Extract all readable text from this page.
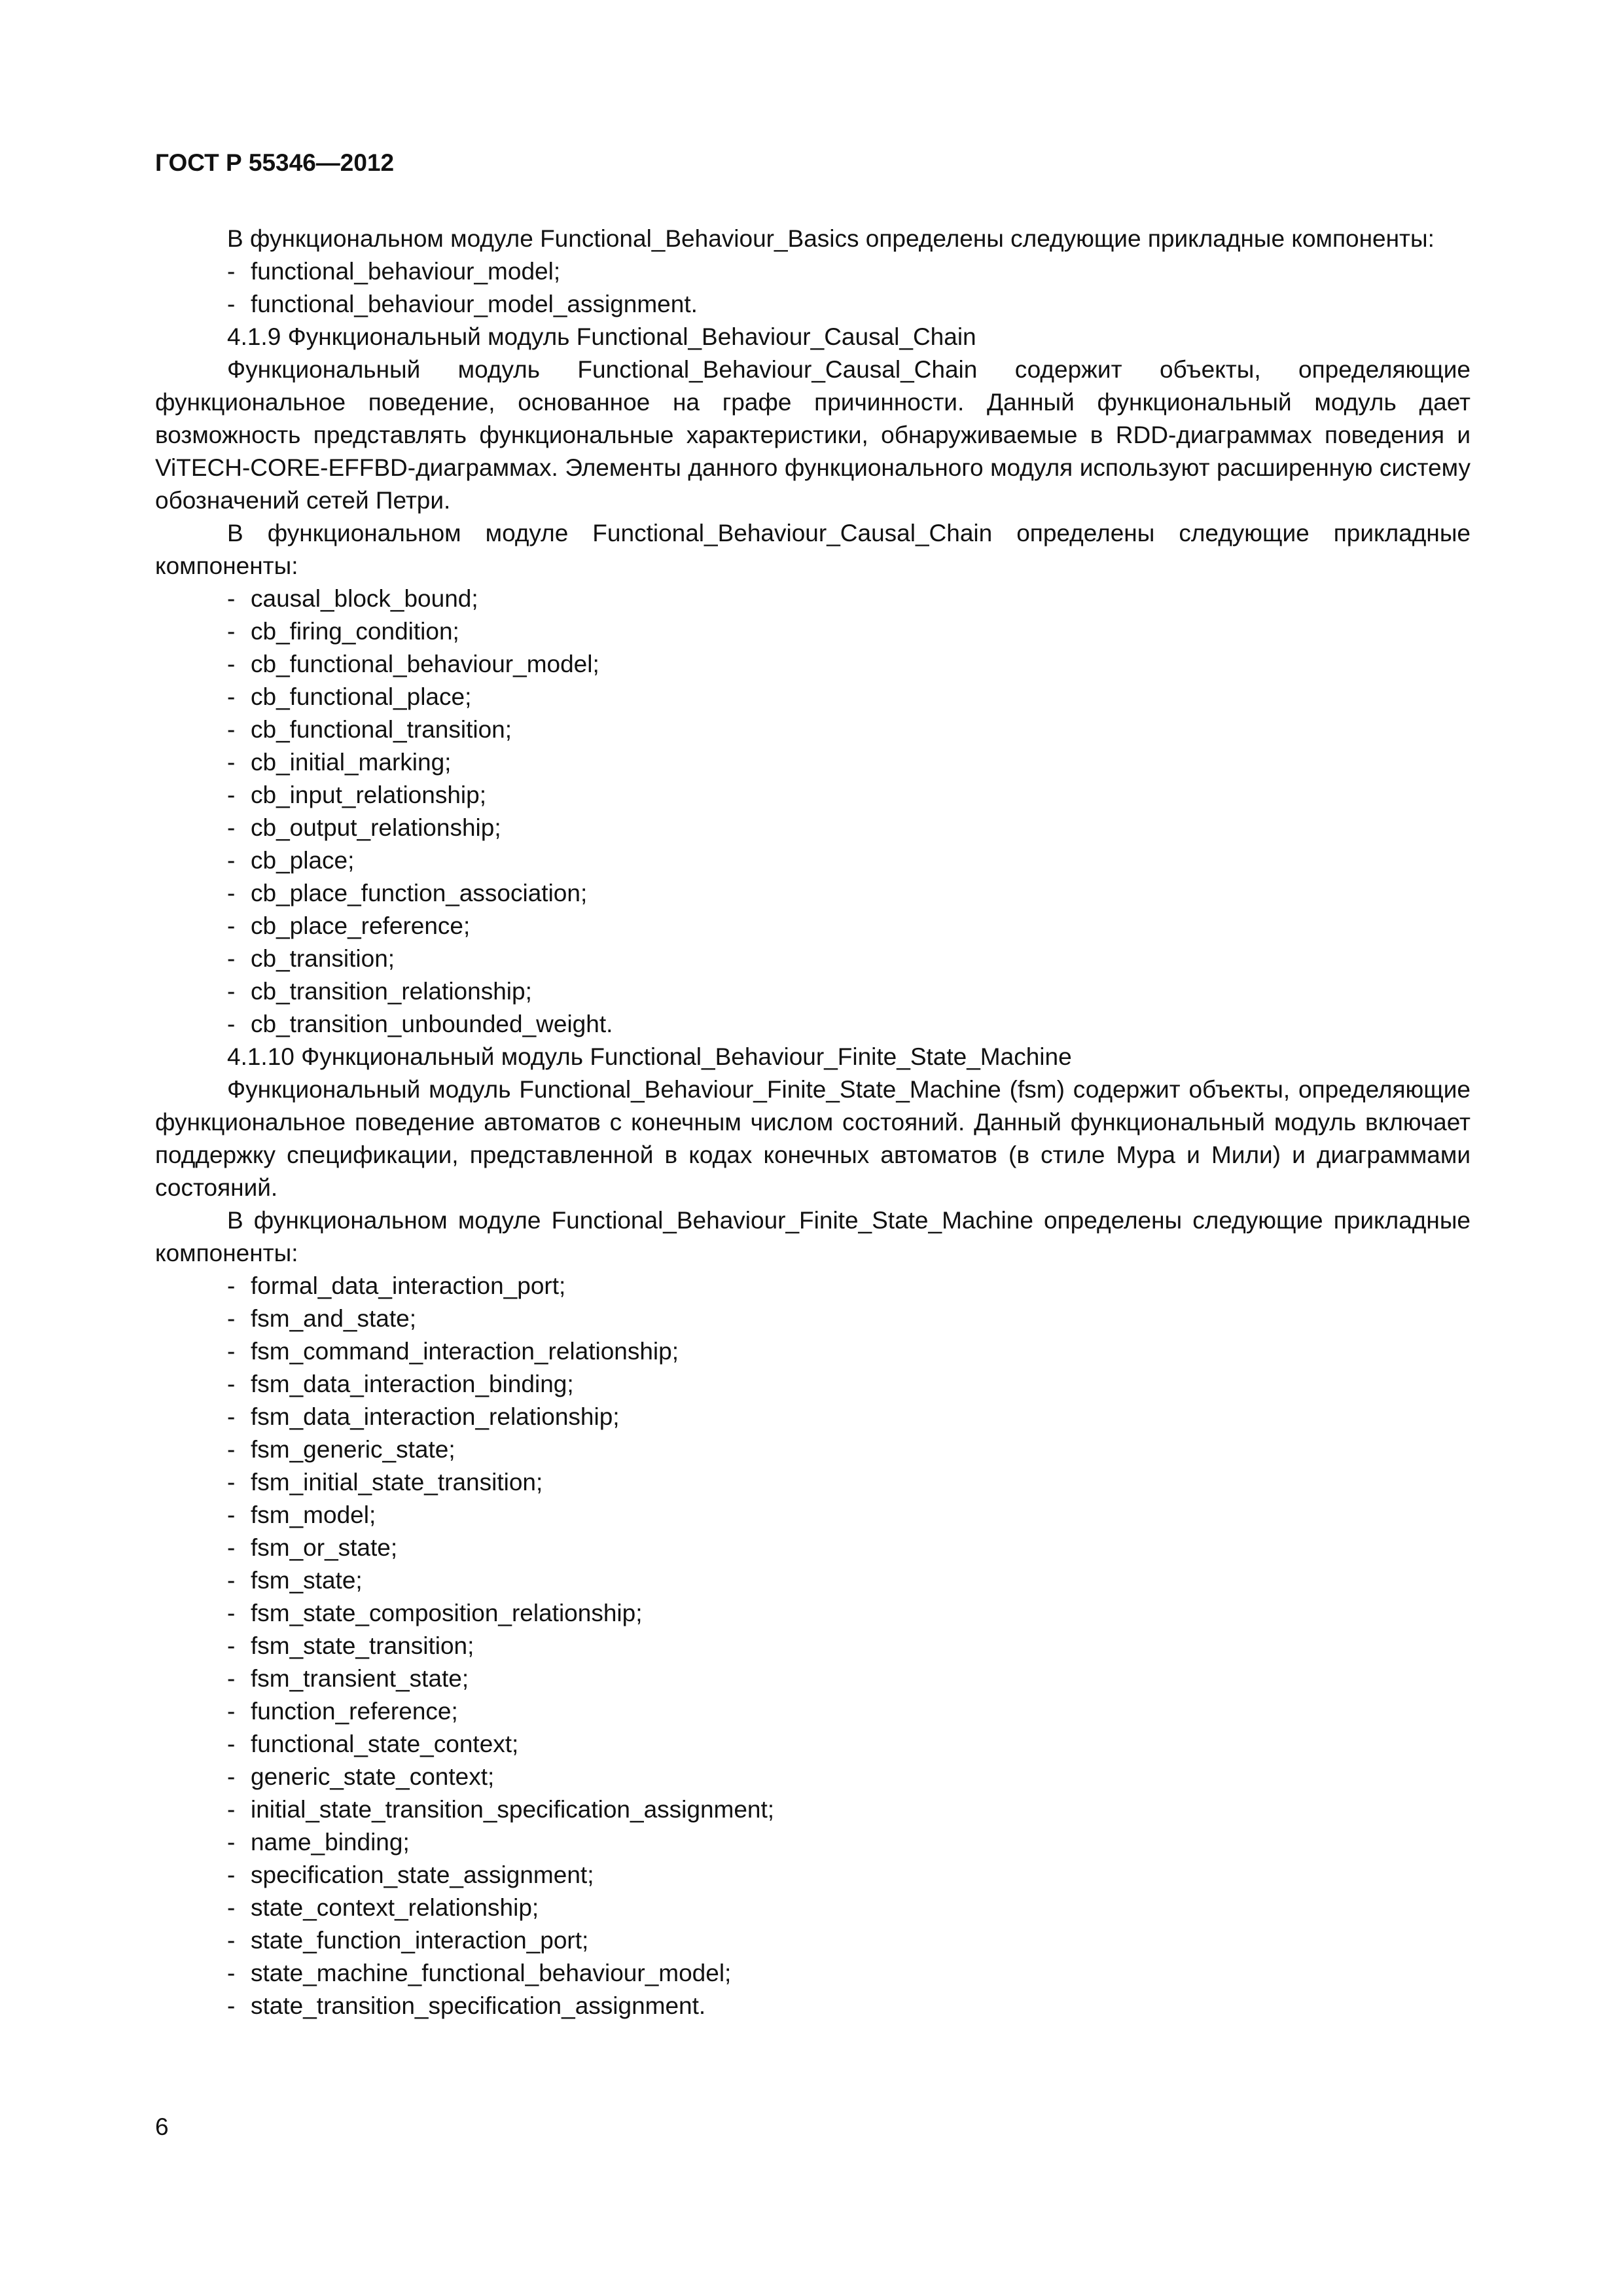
ГОСТ Р 55346—2012
В функциональном модуле Functional_Behaviour_Basics определены следующие прикладные компоненты:
- functional_behaviour_model;
- functional_behaviour_model_assignment.
4.1.9 Функциональный модуль Functional_Behaviour_Causal_Chain
Функциональный модуль Functional_Behaviour_Causal_Chain содержит объекты, определяющие функциональное поведение, основанное на графе причинности. Данный функциональный модуль дает возможность представлять функциональные характеристики, обнаруживаемые в RDD-диаграммах поведения и ViTECH-CORE-EFFBD-диаграммах. Элементы данного функционального модуля используют расширенную систему обозначений сетей Петри.
В функциональном модуле Functional_Behaviour_Causal_Chain определены следующие прикладные компоненты:
- causal_block_bound;
- cb_firing_condition;
- cb_functional_behaviour_model;
- cb_functional_place;
- cb_functional_transition;
- cb_initial_marking;
- cb_input_relationship;
- cb_output_relationship;
- cb_place;
- cb_place_function_association;
- cb_place_reference;
- cb_transition;
- cb_transition_relationship;
- cb_transition_unbounded_weight.
4.1.10 Функциональный модуль Functional_Behaviour_Finite_State_Machine
Функциональный модуль Functional_Behaviour_Finite_State_Machine (fsm) содержит объекты, определяющие функциональное поведение автоматов с конечным числом состояний. Данный функциональный модуль включает поддержку спецификации, представленной в кодах конечных автоматов (в стиле Мура и Мили) и диаграммами состояний.
В функциональном модуле Functional_Behaviour_Finite_State_Machine определены следующие прикладные компоненты:
- formal_data_interaction_port;
- fsm_and_state;
- fsm_command_interaction_relationship;
- fsm_data_interaction_binding;
- fsm_data_interaction_relationship;
- fsm_generic_state;
- fsm_initial_state_transition;
- fsm_model;
- fsm_or_state;
- fsm_state;
- fsm_state_composition_relationship;
- fsm_state_transition;
- fsm_transient_state;
- function_reference;
- functional_state_context;
- generic_state_context;
- initial_state_transition_specification_assignment;
- name_binding;
- specification_state_assignment;
- state_context_relationship;
- state_function_interaction_port;
- state_machine_functional_behaviour_model;
- state_transition_specification_assignment.
6
